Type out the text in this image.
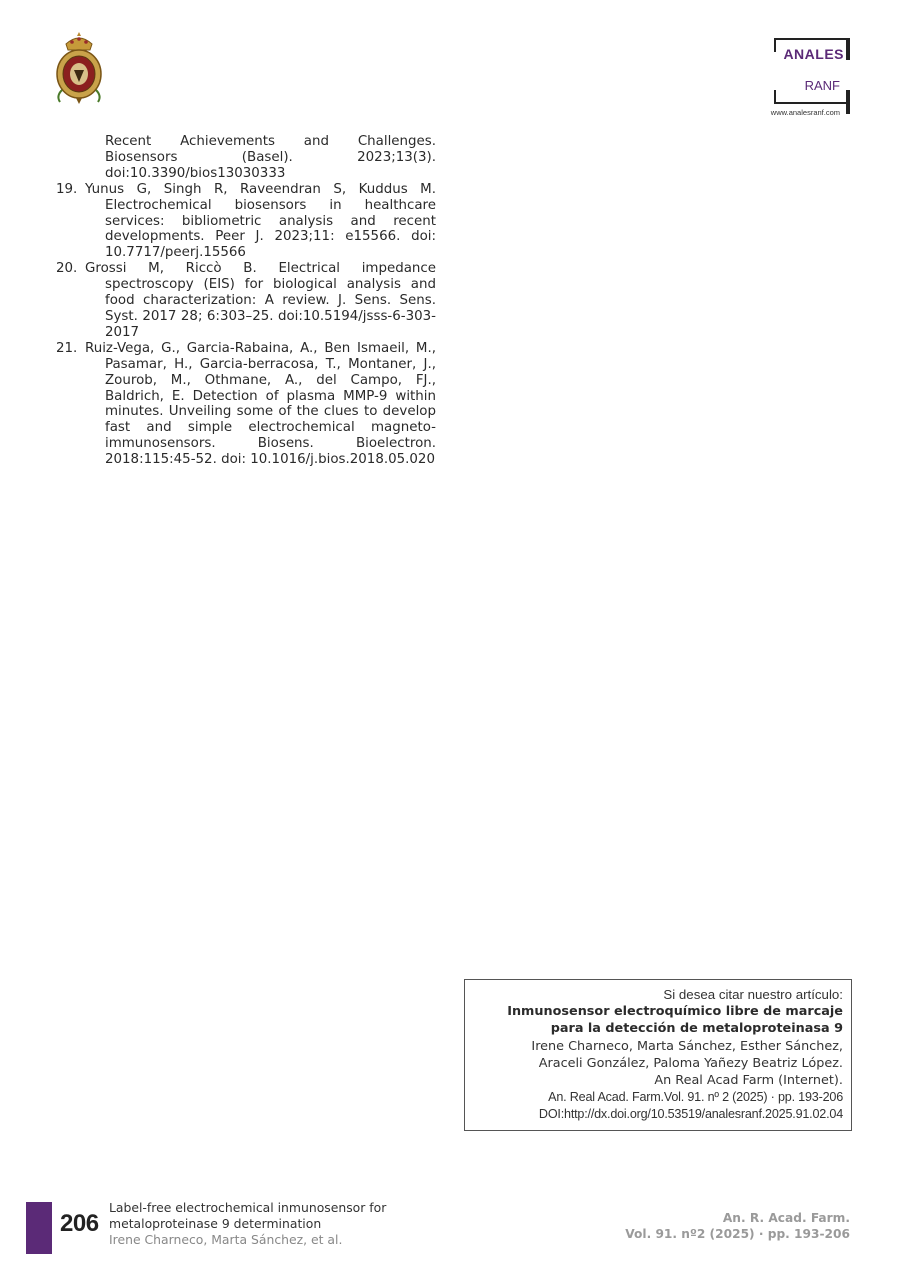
ANALES
RANF
www.analesranf.com

Recent Achievements and Challenges. Biosensors (Basel). 2023;13(3). doi:10.3390/bios13030333

19. Yunus G, Singh R, Raveendran S, Kuddus M. Electrochemical biosensors in healthcare services: bibliometric analysis and recent developments. Peer J. 2023;11: e15566. doi: 10.7717/peerj.15566

20. Grossi M, Riccò B. Electrical impedance spectroscopy (EIS) for biological analysis and food characterization: A review. J. Sens. Sens. Syst. 2017 28; 6:303–25. doi:10.5194/jsss-6-303-2017

21. Ruiz-Vega, G., Garcia-Rabaina, A., Ben Ismaeil, M., Pasamar, H., Garcia-berracosa, T., Montaner, J., Zourob, M., Othmane, A., del Campo, FJ., Baldrich, E. Detection of plasma MMP-9 within minutes. Unveiling some of the clues to develop fast and simple electrochemical magneto- immunosensors. Biosens. Bioelectron. 2018:115:45-52. doi: 10.1016/j.bios.2018.05.020

Si desea citar nuestro artículo:
Inmunosensor electroquímico libre de marcaje
para la detección de metaloproteinasa 9
Irene Charneco, Marta Sánchez, Esther Sánchez,
Araceli González, Paloma Yañezy Beatriz López.
An Real Acad Farm (Internet).
An. Real Acad. Farm.Vol. 91. nº 2 (2025) · pp. 193-206
DOI:http://dx.doi.org/10.53519/analesranf.2025.91.02.04
206
Label-free electrochemical inmunosensor for
metaloproteinase 9 determination
Irene Charneco, Marta Sánchez, et al.
An. R. Acad. Farm.
Vol. 91. nº2 (2025) · pp. 193-206
